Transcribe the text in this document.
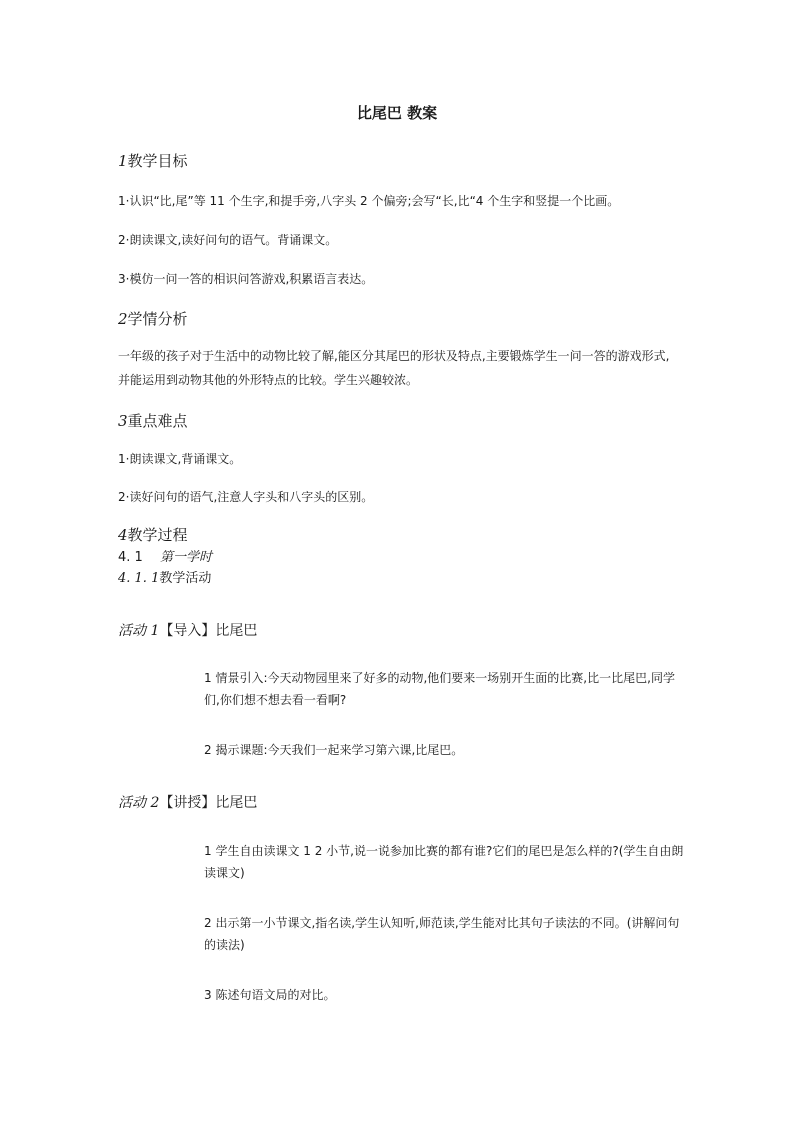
比尾巴 教案
1教学目标
1·认识“比,尾”等 11 个生字,和提手旁,八字头 2 个偏旁;会写“长,比“4 个生字和竖提一个比画。
2·朗读课文,读好问句的语气。背诵课文。
3·模仿一问一答的相识问答游戏,积累语言表达。
2学情分析
一年级的孩子对于生活中的动物比较了解,能区分其尾巴的形状及特点,主要锻炼学生一问一答的游戏形式,并能运用到动物其他的外形特点的比较。学生兴趣较浓。
3重点难点
1·朗读课文,背诵课文。
2·读好问句的语气,注意人字头和八字头的区别。
4教学过程
4. 1 第一学时
4. 1. 1教学活动
活动 1【导入】比尾巴
1 情景引入:今天动物园里来了好多的动物,他们要来一场别开生面的比赛,比一比尾巴,同学们,你们想不想去看一看啊?
2 揭示课题:今天我们一起来学习第六课,比尾巴。
活动 2【讲授】比尾巴
1 学生自由读课文 1 2 小节,说一说参加比赛的都有谁?它们的尾巴是怎么样的?(学生自由朗读课文)
2 出示第一小节课文,指名读,学生认知听,师范读,学生能对比其句子读法的不同。(讲解问句的读法)
3 陈述句语文局的对比。
